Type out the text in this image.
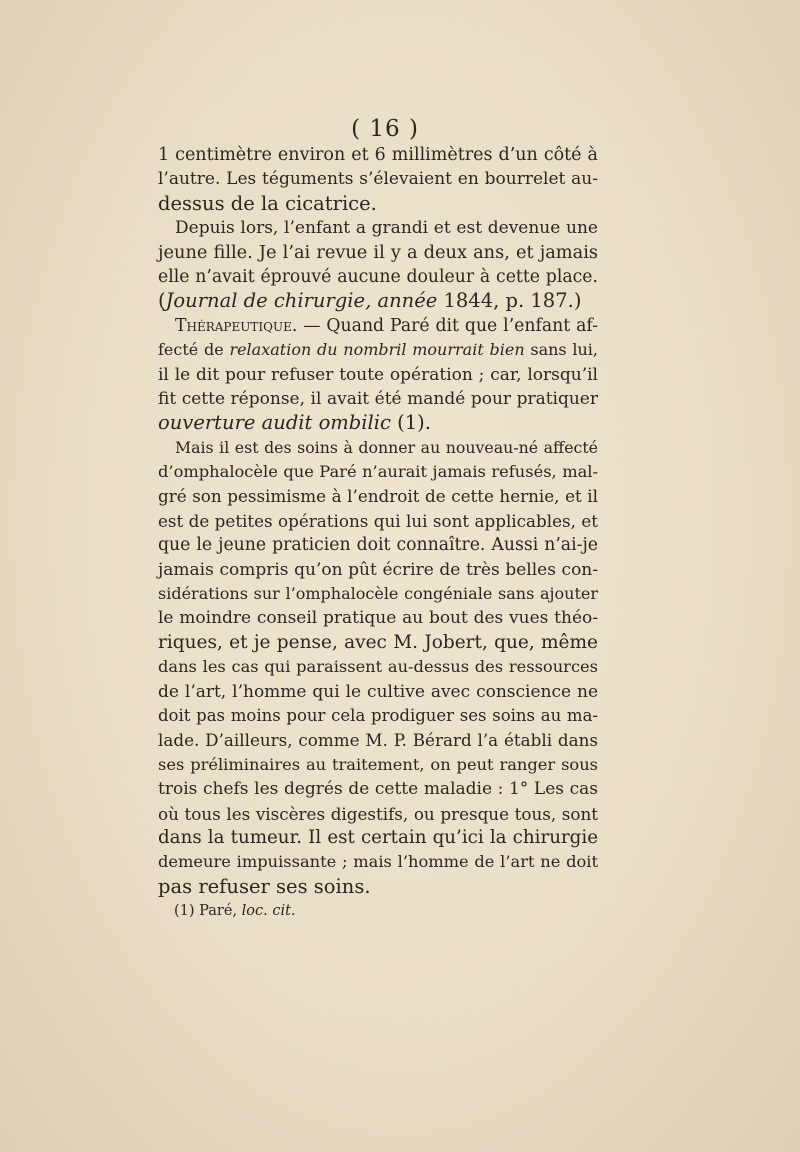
( 16 )
1 centimètre environ et 6 millimètres d’un côté à
l’autre. Les téguments s’élevaient en bourrelet au-
dessus de la cicatrice.
Depuis lors, l’enfant a grandi et est devenue une
jeune fille. Je l’ai revue il y a deux ans, et jamais
elle n’avait éprouvé aucune douleur à cette place.
(Journal de chirurgie, année 1844, p. 187.)
Thérapeutique. — Quand Paré dit que l’enfant af-
fecté de relaxation du nombril mourrait bien sans lui,
il le dit pour refuser toute opération ; car, lorsqu’il
fit cette réponse, il avait été mandé pour pratiquer
ouverture audit ombilic (1).
Mais il est des soins à donner au nouveau-né affecté
d’omphalocèle que Paré n’aurait jamais refusés, mal-
gré son pessimisme à l’endroit de cette hernie, et il
est de petites opérations qui lui sont applicables, et
que le jeune praticien doit connaître. Aussi n’ai-je
jamais compris qu’on pût écrire de très belles con-
sidérations sur l’omphalocèle congéniale sans ajouter
le moindre conseil pratique au bout des vues théo-
riques, et je pense, avec M. Jobert, que, même
dans les cas qui paraissent au-dessus des ressources
de l’art, l’homme qui le cultive avec conscience ne
doit pas moins pour cela prodiguer ses soins au ma-
lade. D’ailleurs, comme M. P. Bérard l’a établi dans
ses préliminaires au traitement, on peut ranger sous
trois chefs les degrés de cette maladie : 1° Les cas
où tous les viscères digestifs, ou presque tous, sont
dans la tumeur. Il est certain qu’ici la chirurgie
demeure impuissante ; mais l’homme de l’art ne doit
pas refuser ses soins.
(1) Paré, loc. cit.
